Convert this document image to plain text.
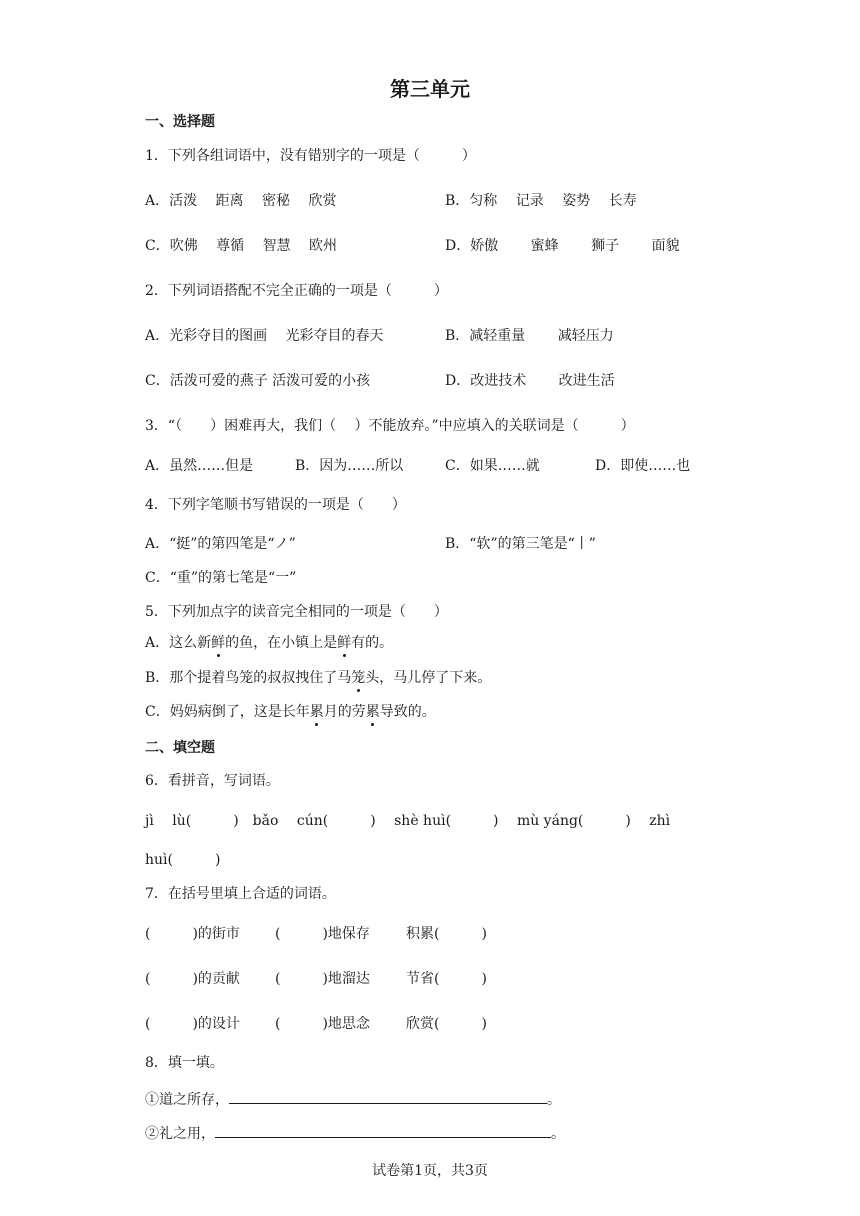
第三单元
一、选择题
1．下列各组词语中，没有错别字的一项是（　　　）
A．活泼　 距离　 密秘　 欣赏	B．匀称　 记录　 姿势　 长寿
C．吹佛　 尊循　 智慧　 欧州	D．娇傲　　 蜜蜂　　 狮子　　 面貌
2．下列词语搭配不完全正确的一项是（　　　）
A．光彩夺目的图画　 光彩夺目的春天	B．减轻重量　　 减轻压力
C．活泼可爱的燕子 活泼可爱的小孩	D．改进技术　　 改进生活
3．“（　　）困难再大，我们（　 ）不能放弃。”中应填入的关联词是（　　　）
A．虽然……但是	B．因为……所以	C．如果……就	D．即使……也
4．下列字笔顺书写错误的一项是（　　）
A．“挺”的第四笔是“ノ”	B．“软”的第三笔是“丨”
C．“重”的第七笔是“一”
5．下列加点字的读音完全相同的一项是（　　）
A．这么新鲜的鱼，在小镇上是鲜有的。
B．那个提着鸟笼的叔叔拽住了马笼头，马儿停了下来。
C．妈妈病倒了，这是长年累月的劳累导致的。
二、填空题
6．看拼音，写词语。
jì　 lù(　　　)　bǎo　 cún(　　　)　 shè huì(　　　)　 mù yáng(　　　)　 zhì
huì(　　　)
7．在括号里填上合适的词语。
(　　　)的街市	(　　　)地保存	积累(　　　)
(　　　)的贡献	(　　　)地溜达	节省(　　　)
(　　　)的设计	(　　　)地思念	欣赏(　　　)
8．填一填。
①道之所存，	。
②礼之用，	。
试卷第1页，共3页
